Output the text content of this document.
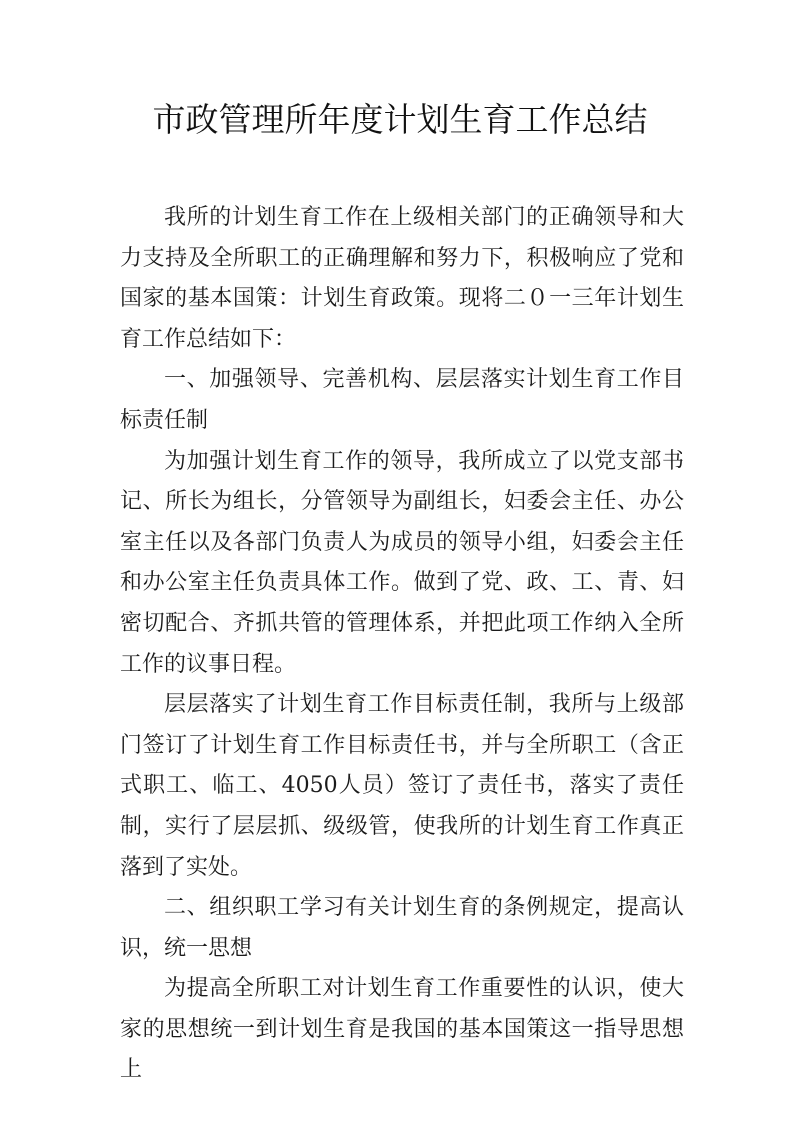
市政管理所年度计划生育工作总结

我所的计划生育工作在上级相关部门的正确领导和大力支持及全所职工的正确理解和努力下，积极响应了党和国家的基本国策：计划生育政策。现将二０一三年计划生育工作总结如下：

一、加强领导、完善机构、层层落实计划生育工作目标责任制

为加强计划生育工作的领导，我所成立了以党支部书记、所长为组长，分管领导为副组长，妇委会主任、办公室主任以及各部门负责人为成员的领导小组，妇委会主任和办公室主任负责具体工作。做到了党、政、工、青、妇密切配合、齐抓共管的管理体系，并把此项工作纳入全所工作的议事日程。

层层落实了计划生育工作目标责任制，我所与上级部门签订了计划生育工作目标责任书，并与全所职工（含正式职工、临工、4050人员）签订了责任书，落实了责任制，实行了层层抓、级级管，使我所的计划生育工作真正落到了实处。

二、组织职工学习有关计划生育的条例规定，提高认识，统一思想

为提高全所职工对计划生育工作重要性的认识，使大家的思想统一到计划生育是我国的基本国策这一指导思想上
